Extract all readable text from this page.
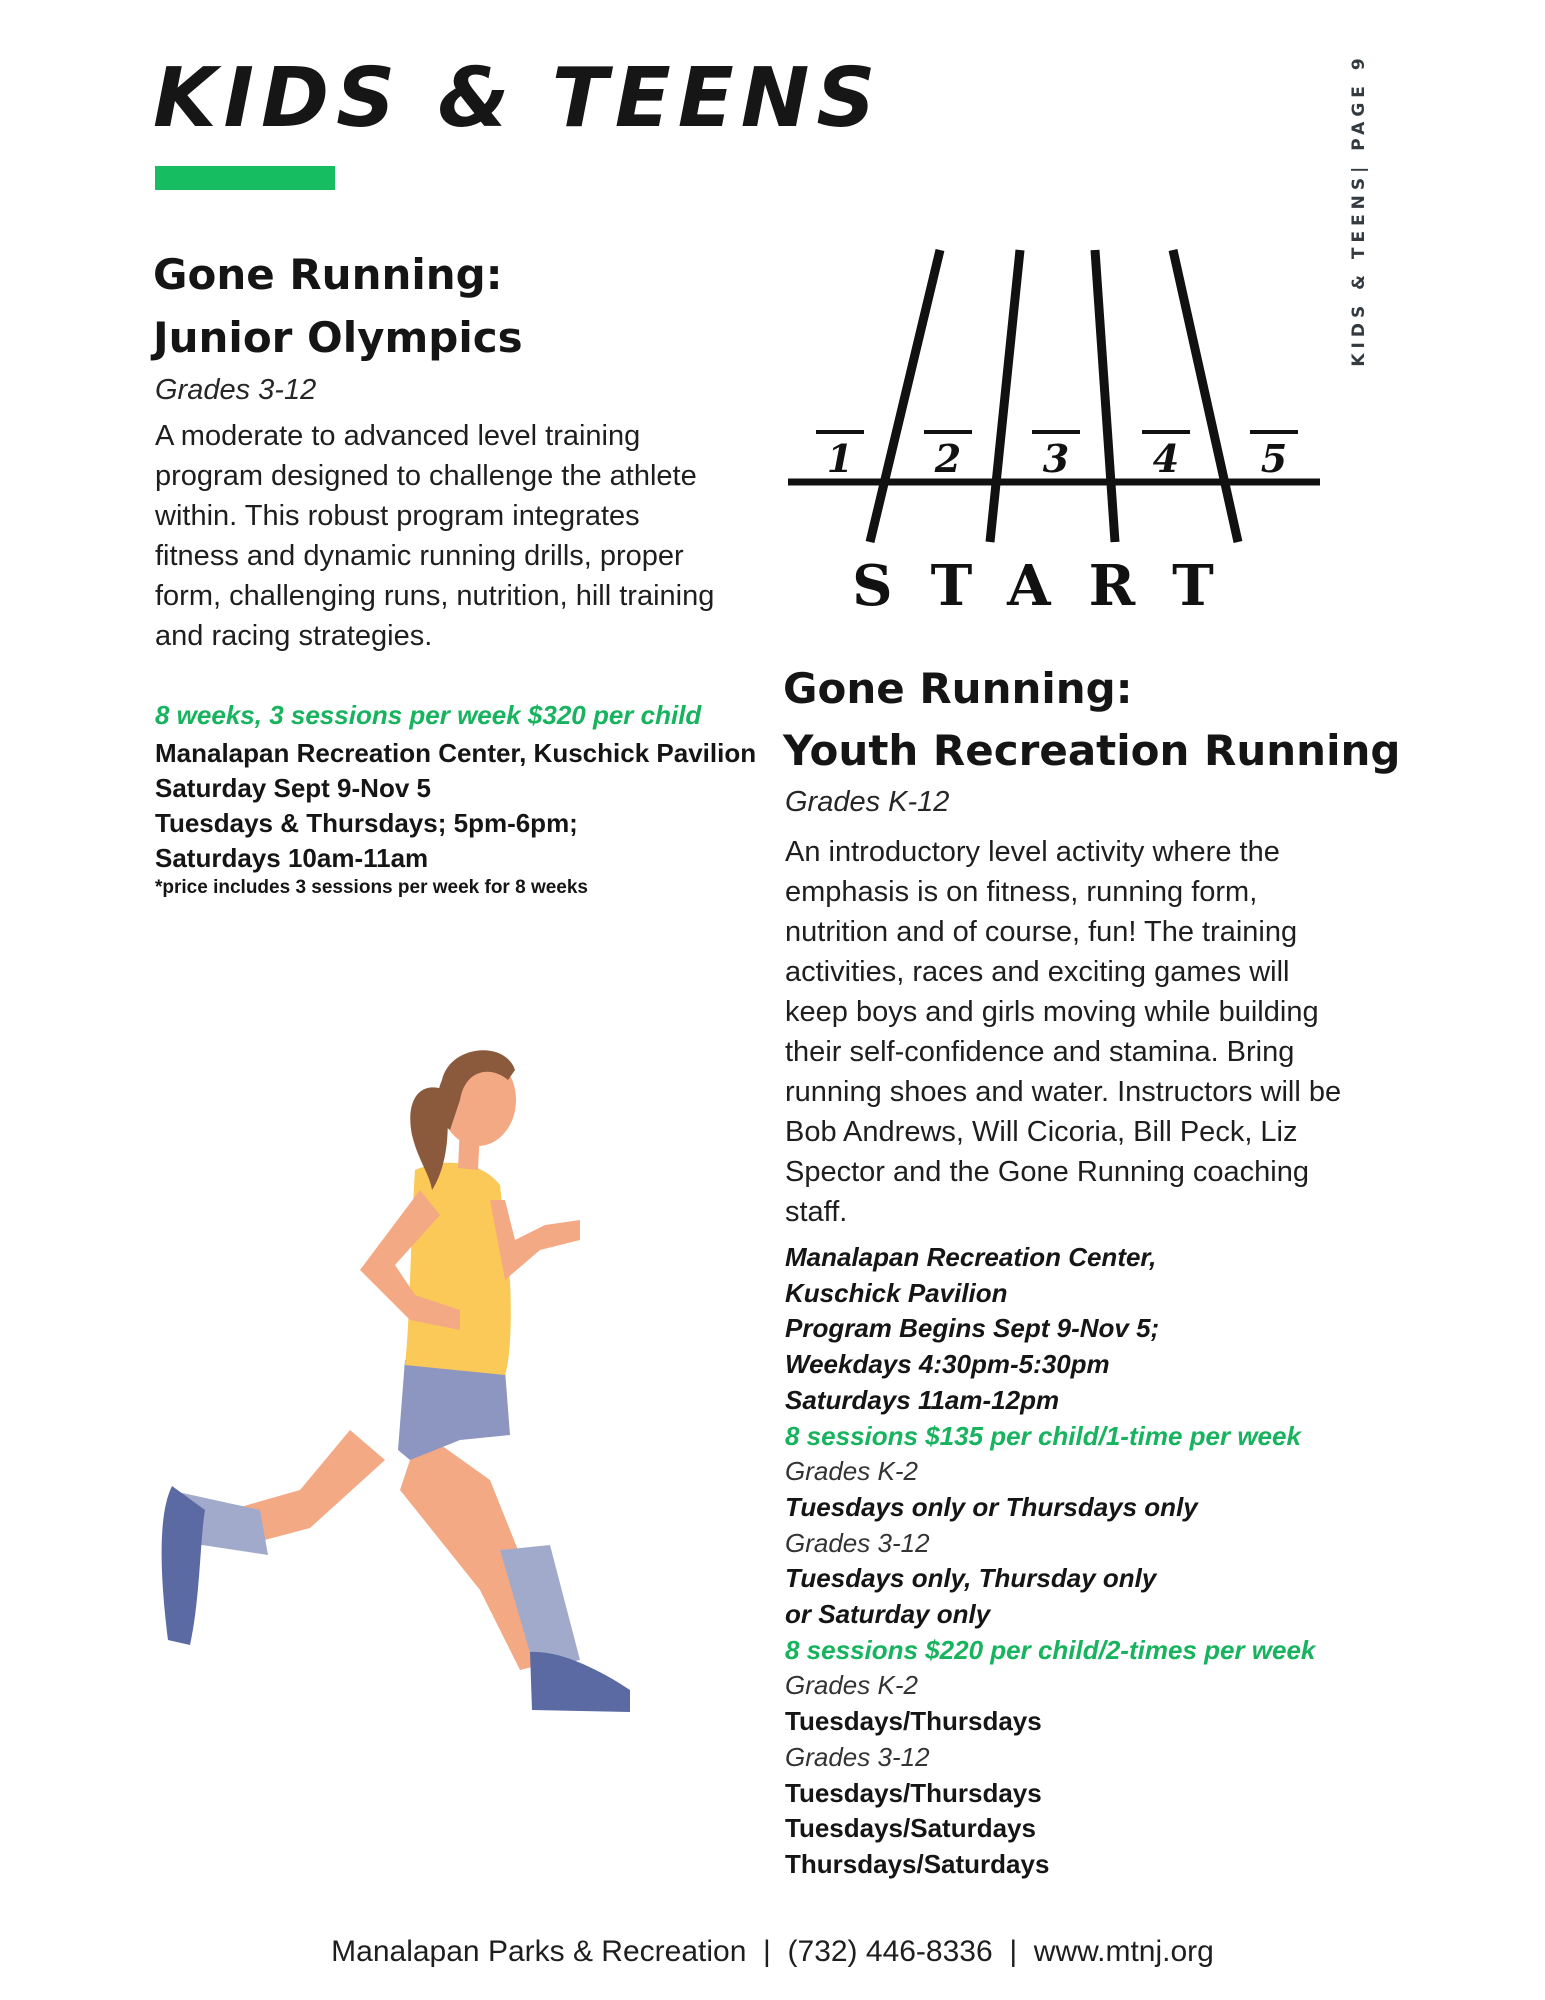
KIDS & TEENS	KIDS & TEENS| PAGE 9
Gone Running:
Junior Olympics
Grades 3-12
A moderate to advanced level training program designed to challenge the athlete within. This robust program integrates fitness and dynamic running drills, proper form, challenging runs, nutrition, hill training and racing strategies.
8 weeks, 3 sessions per week $320 per child
Manalapan Recreation Center, Kuschick Pavilion
Saturday Sept 9-Nov 5
Tuesdays & Thursdays; 5pm-6pm;
Saturdays 10am-11am
*price includes 3 sessions per week for 8 weeks
1 2 3 4 5
START
Gone Running:
Youth Recreation Running
Grades K-12
An introductory level activity where the emphasis is on fitness, running form, nutrition and of course, fun! The training activities, races and exciting games will keep boys and girls moving while building their self-confidence and stamina. Bring running shoes and water. Instructors will be Bob Andrews, Will Cicoria, Bill Peck, Liz Spector and the Gone Running coaching staff.
Manalapan Recreation Center,
Kuschick Pavilion
Program Begins Sept 9-Nov 5;
Weekdays 4:30pm-5:30pm
Saturdays 11am-12pm
8 sessions $135 per child/1-time per week
Grades K-2
Tuesdays only or Thursdays only
Grades 3-12
Tuesdays only, Thursday only
or Saturday only
8 sessions $220 per child/2-times per week
Grades K-2
Tuesdays/Thursdays
Grades 3-12
Tuesdays/Thursdays
Tuesdays/Saturdays
Thursdays/Saturdays
Manalapan Parks & Recreation  |  (732) 446-8336  |  www.mtnj.org
